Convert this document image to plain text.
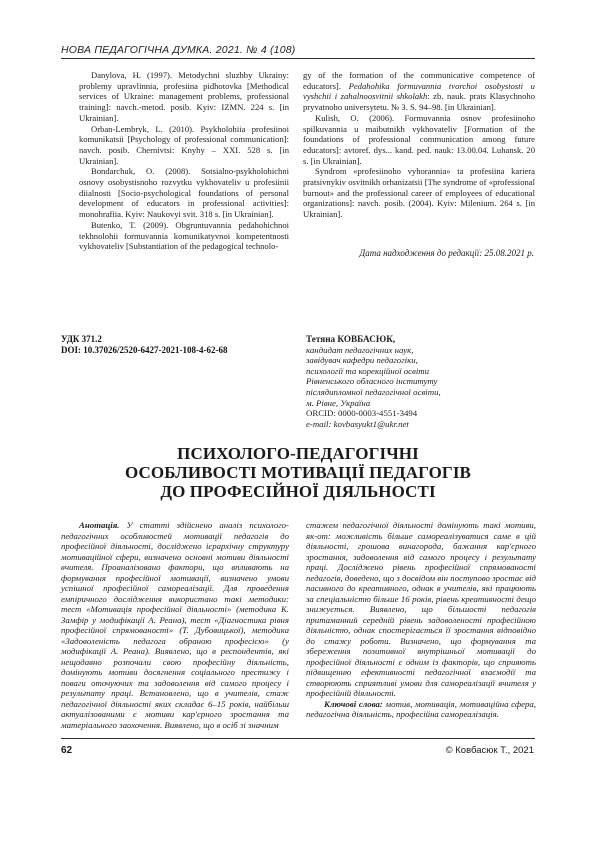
НОВА ПЕДАГОГІЧНА ДУМКА. 2021. № 4 (108)

Danylova, H. (1997). Metodychni sluzhby Ukrainy: problemy upravlinnia, profesiina pidhotovka [Methodical services of Ukraine: management problems, professional training]: navch.-metod. posib. Kyiv: IZMN. 224 s. [in Ukrainian].

Orban-Lembryk, L. (2010). Psykholohiia profesiinoi komunikatsii [Psychology of professional communication]: navch. posib. Chernivtsi: Knyhy – XXI. 528 s. [in Ukrainian].

Bondarchuk, O. (2008). Sotsialno-psykholohichni osnovy osobystisnoho rozvytku vykhovateliv u profesiinii diialnosti [Socio-psychological foundations of personal development of educators in professional activities]: monohrafiia. Kyiv: Naukovyi svit. 318 s. [in Ukrainian].

Butenko, T. (2009). Obgruntuvannia pedahohichnoi tekhnolohii formuvannia komunikatyvnoi kompetentnosti vykhovateliv [Substantiation of the pedagogical technolo-

gy of the formation of the communicative competence of educators]. Pedahohika formuvannia tvorchoi osobystosti u vyshchii i zahalnoosvitnii shkolakh: zb. nauk. prats Klasychnoho pryvatnoho universytetu. № 3. S. 94–98. [in Ukrainian].

Kulish, O. (2006). Formuvannia osnov profesiinoho spilkuvannia u maibutnikh vykhovateliv [Formation of the foundations of professional communication among future educators]: avtoref. dys... kand. ped. nauk: 13.00.04. Luhansk. 20 s. [in Ukrainian].

Syndrom «profesiinoho vyhorannia» ta profesiina kariera pratsivnykiv osvitnikh orhanizatsii [The syndrome of «professional burnout» and the professional career of employees of educational organizations]: navch. posib. (2004). Kyiv: Milenium. 264 s. [in Ukrainian].

Дата надходження до редакції: 25.08.2021 р.
УДК 371.2
DOI: 10.37026/2520-6427-2021-108-4-62-68
Тетяна КОВБАСЮК,
кандидат педагогічних наук,
завідувач кафедри педагогіки,
психології та корекційної освіти
Рівненського обласного інституту
післядипломної педагогічної освіти,
м. Рівне, Україна
ORCID: 0000-0003-4551-3494
e-mail: kovbasyukt1@ukr.net
ПСИХОЛОГО-ПЕДАГОГІЧНІ
ОСОБЛИВОСТІ МОТИВАЦІЇ ПЕДАГОГІВ
ДО ПРОФЕСІЙНОЇ ДІЯЛЬНОСТІ

Анотація. У статті здійснено аналіз психолого-педагогічних особливостей мотивації педагогів до професійної діяльності, досліджено ієрархічну структуру мотиваційної сфери, визначено основні мотиви діяльності вчителя. Проаналізовано фактори, що впливають на формування професійної мотивації, визначено умови успішної професійної самореалізації. Для проведення емпіричного дослідження використано такі методики: тест «Мотивація професійної діяльності» (методика К. Замфір у модифікації А. Реана), тест «Діагностика рівня професійної спрямованості» (Т. Дубовицької), методика «Задоволеність педагога обраною професією» (у модифікації А. Реана). Виявлено, що в респондентів, які нещодавно розпочали свою професійну діяльність, домінують мотиви досягнення соціального престижу і поваги оточуючих та задоволення від самого процесу і результату праці. Встановлено, що в учителів, стаж педагогічної діяльності яких складає 6–15 років, найбільш актуалізованими є мотиви кар'єрного зростання та матеріального заохочення. Виявлено, що в осіб зі значним

стажем педагогічної діяльності домінують такі мотиви, як-от: можливість більше самореалізуватися саме в цій діяльності, грошова винагорода, бажання кар'єрного зростання, задоволення від самого процесу і результату праці. Досліджено рівень професійної спрямованості педагогів, доведено, що з досвідом він поступово зростає від пасивного до креативного, однак в учителів, які працюють за спеціальністю більше 16 років, рівень креативності дещо знижується. Виявлено, що більшості педагогів притаманний середній рівень задоволеності професійною діяльністю, однак спостерігається її зростання відповідно до стажу роботи. Визначено, що формування та збереження позитивної внутрішньої мотивації до професійної діяльності є одним із факторів, що сприяють підвищенню ефективності педагогічної взаємодії та створюють сприятливі умови для самореалізації вчителя у професійній діяльності.

Ключові слова: мотив, мотивація, мотиваційна сфера, педагогічна діяльність, професійна самореалізація.

62	© Ковбасюк Т., 2021
